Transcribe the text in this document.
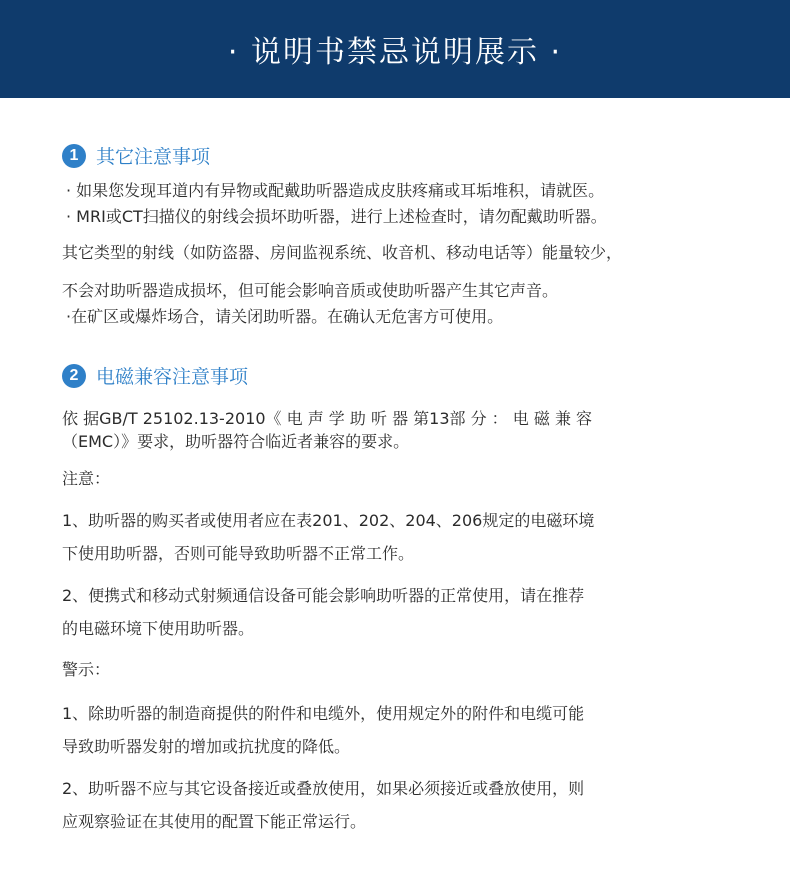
· 说明书禁忌说明展示 ·
1 其它注意事项
· 如果您发现耳道内有异物或配戴助听器造成皮肤疼痛或耳垢堆积，请就医。
· MRI或CT扫描仪的射线会损坏助听器，进行上述检查时，请勿配戴助听器。
其它类型的射线（如防盗器、房间监视系统、收音机、移动电话等）能量较少，
不会对助听器造成损坏，但可能会影响音质或使助听器产生其它声音。
·在矿区或爆炸场合，请关闭助听器。在确认无危害方可使用。
2 电磁兼容注意事项
依 据GB/T 25102.13-2010《 电 声 学 助 听 器 第13部 分 ： 电 磁 兼 容
（EMC）》要求，助听器符合临近者兼容的要求。
注意：
1、助听器的购买者或使用者应在表201、202、204、206规定的电磁环境
下使用助听器，否则可能导致助听器不正常工作。
2、便携式和移动式射频通信设备可能会影响助听器的正常使用，请在推荐
的电磁环境下使用助听器。
警示：
1、除助听器的制造商提供的附件和电缆外，使用规定外的附件和电缆可能
导致助听器发射的增加或抗扰度的降低。
2、助听器不应与其它设备接近或叠放使用，如果必须接近或叠放使用，则
应观察验证在其使用的配置下能正常运行。
